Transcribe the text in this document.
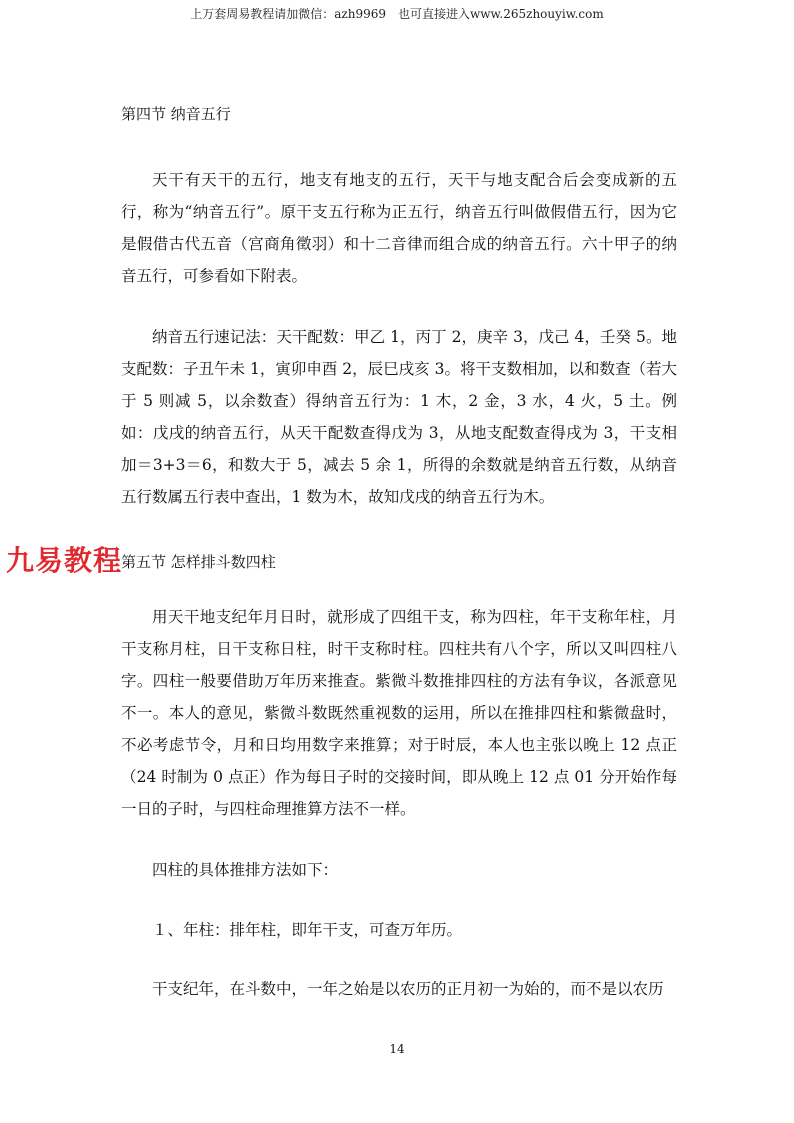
上万套周易教程请加微信：azh9969　也可直接进入www.265zhouyiw.com
第四节 纳音五行

天干有天干的五行，地支有地支的五行，天干与地支配合后会变成新的五行，称为“纳音五行”。原干支五行称为正五行，纳音五行叫做假借五行，因为它是假借古代五音（宫商角徵羽）和十二音律而组合成的纳音五行。六十甲子的纳音五行，可参看如下附表。

纳音五行速记法：天干配数：甲乙 1，丙丁 2，庚辛 3，戊己 4，壬癸 5。地支配数：子丑午未 1，寅卯申酉 2，辰巳戌亥 3。将干支数相加，以和数查（若大于 5 则减 5，以余数查）得纳音五行为：1 木，2 金，3 水，4 火，5 土。例如：戊戌的纳音五行，从天干配数查得戊为 3，从地支配数查得戌为 3，干支相加＝3+3＝6，和数大于 5，减去 5 余 1，所得的余数就是纳音五行数，从纳音五行数属五行表中查出，1 数为木，故知戊戌的纳音五行为木。

第五节 怎样排斗数四柱

用天干地支纪年月日时，就形成了四组干支，称为四柱，年干支称年柱，月干支称月柱，日干支称日柱，时干支称时柱。四柱共有八个字，所以又叫四柱八字。四柱一般要借助万年历来推查。紫微斗数推排四柱的方法有争议，各派意见不一。本人的意见，紫微斗数既然重视数的运用，所以在推排四柱和紫微盘时，不必考虑节令，月和日均用数字来推算；对于时辰，本人也主张以晚上 12 点正（24 时制为 0 点正）作为每日子时的交接时间，即从晚上 12 点 01 分开始作每一日的子时，与四柱命理推算方法不一样。

四柱的具体推排方法如下：

１、年柱：排年柱，即年干支，可查万年历。

干支纪年，在斗数中，一年之始是以农历的正月初一为始的，而不是以农历

九易教程
14
